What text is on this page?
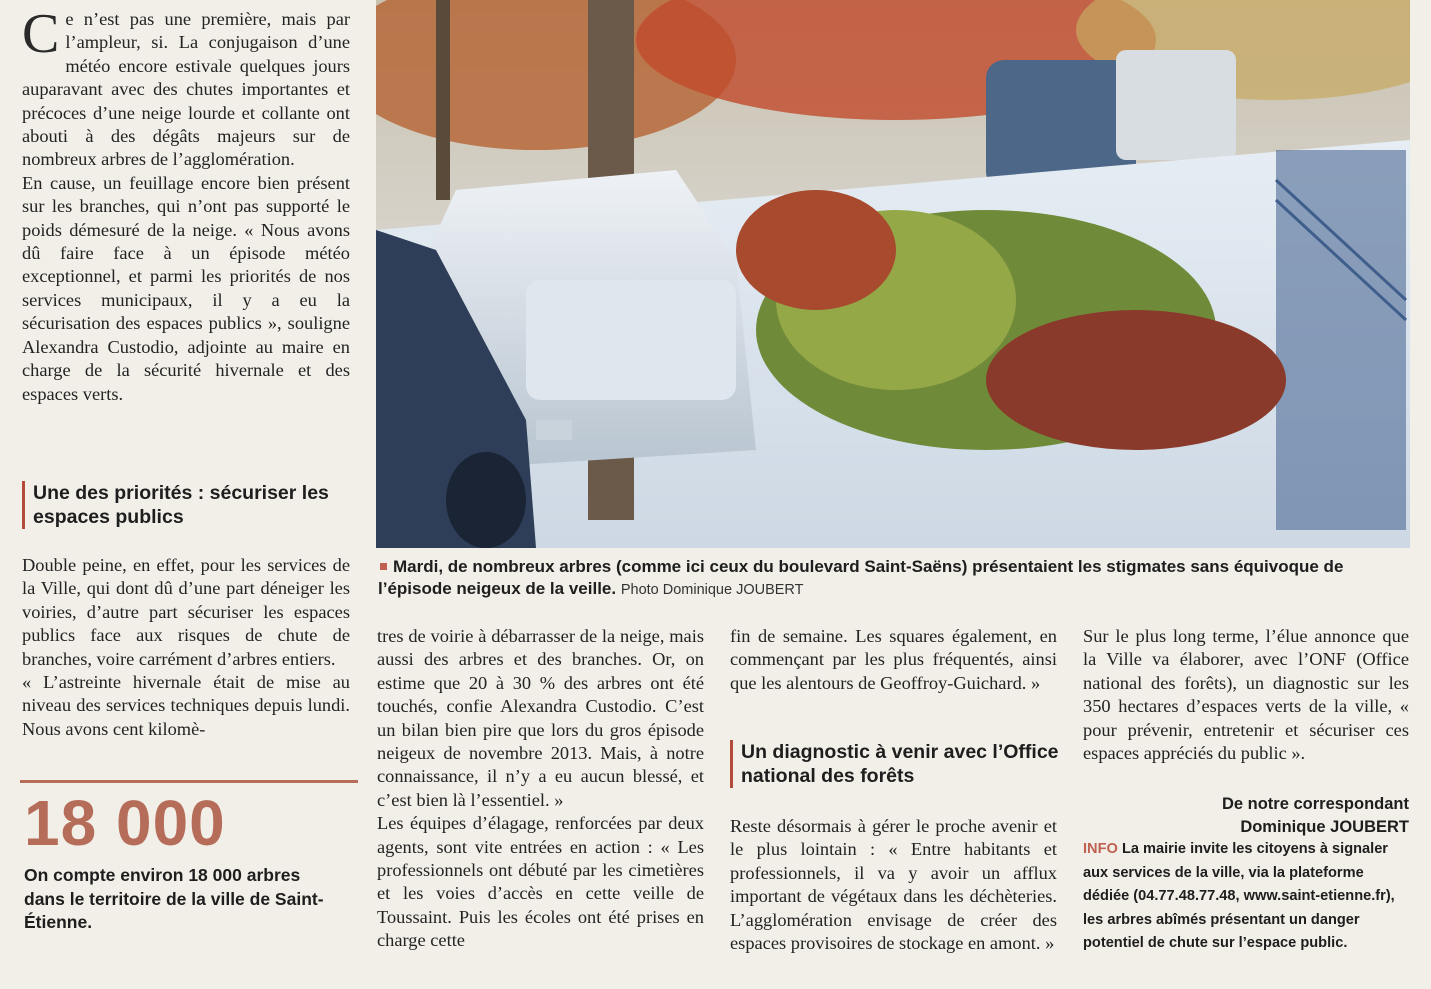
Ce n’est pas une première, mais par l’ampleur, si. La conjugaison d’une météo encore estivale quelques jours auparavant avec des chutes importantes et précoces d’une neige lourde et collante ont abouti à des dégâts majeurs sur de nombreux arbres de l’agglomération.

En cause, un feuillage encore bien présent sur les branches, qui n’ont pas supporté le poids démesuré de la neige. « Nous avons dû faire face à un épisode météo exceptionnel, et parmi les priorités de nos services municipaux, il y a eu la sécurisation des espaces publics », souligne Alexandra Custodio, adjointe au maire en charge de la sécurité hivernale et des espaces verts.

Une des priorités : sécuriser les espaces publics

Double peine, en effet, pour les services de la Ville, qui dont dû d’une part déneiger les voiries, d’autre part sécuriser les espaces publics face aux risques de chute de branches, voire carrément d’arbres entiers.

« L’astreinte hivernale était de mise au niveau des services techniques depuis lundi. Nous avons cent kilomè-

18 000
On compte environ 18 000 arbres dans le territoire de la ville de Saint-Étienne.
Mardi, de nombreux arbres (comme ici ceux du boulevard Saint-Saëns) présentaient les stigmates sans équivoque de l’épisode neigeux de la veille. Photo Dominique JOUBERT

tres de voirie à débarrasser de la neige, mais aussi des arbres et des branches. Or, on estime que 20 à 30 % des arbres ont été touchés, confie Alexandra Custodio. C’est un bilan bien pire que lors du gros épisode neigeux de novembre 2013. Mais, à notre connaissance, il n’y a eu aucun blessé, et c’est bien là l’essentiel. »

Les équipes d’élagage, renforcées par deux agents, sont vite entrées en action : « Les professionnels ont débuté par les cimetières et les voies d’accès en cette veille de Toussaint. Puis les écoles ont été prises en charge cette

fin de semaine. Les squares également, en commençant par les plus fréquentés, ainsi que les alentours de Geoffroy-Guichard. »

Un diagnostic à venir avec l’Office national des forêts

Reste désormais à gérer le proche avenir et le plus lointain : « Entre habitants et professionnels, il va y avoir un afflux important de végétaux dans les déchèteries. L’agglomération envisage de créer des espaces provisoires de stockage en amont. »

Sur le plus long terme, l’élue annonce que la Ville va élaborer, avec l’ONF (Office national des forêts), un diagnostic sur les 350 hectares d’espaces verts de la ville, « pour prévenir, entretenir et sécuriser ces espaces appréciés du public ».

De notre correspondant
Dominique JOUBERT
INFO La mairie invite les citoyens à signaler aux services de la ville, via la plateforme dédiée (04.77.48.77.48, www.saint-etienne.fr), les arbres abîmés présentant un danger potentiel de chute sur l’espace public.
